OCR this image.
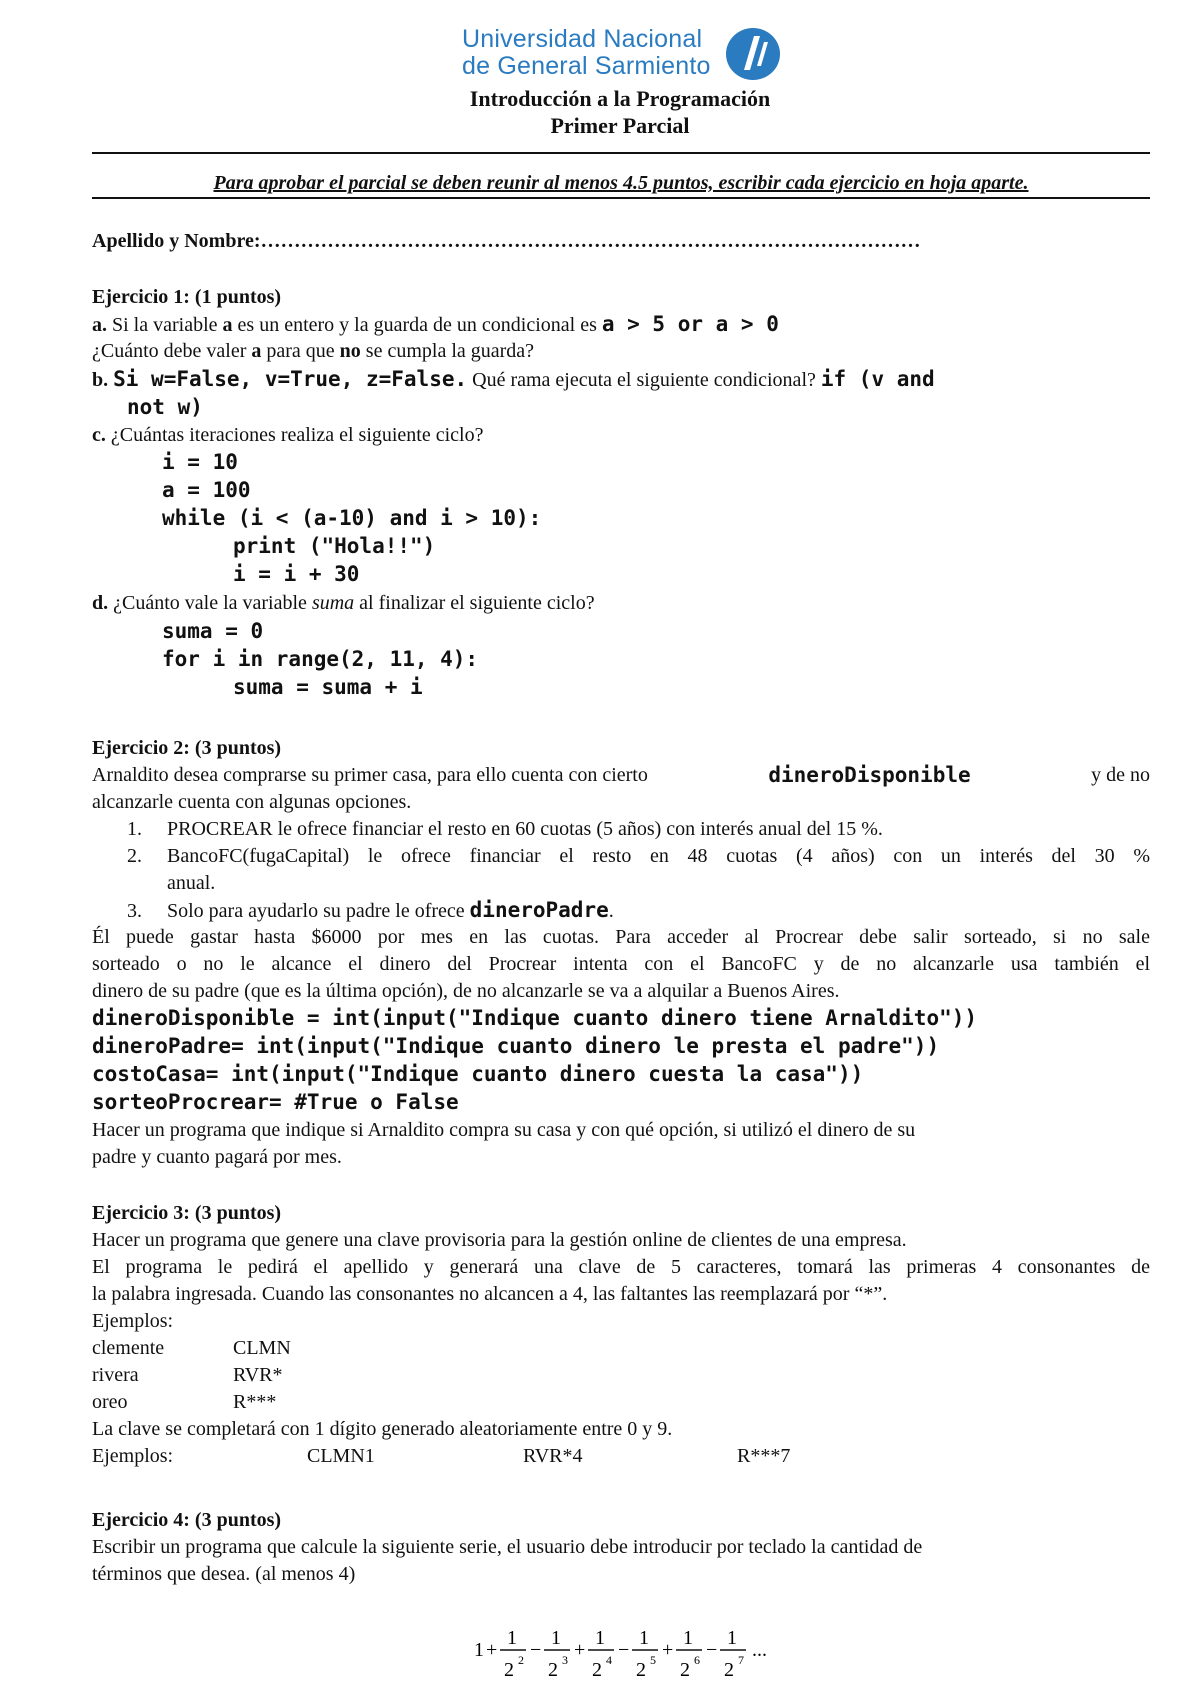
Universidad Nacional
de General Sarmiento
Introducción a la Programación
Primer Parcial
Para aprobar el parcial se deben reunir al menos 4.5 puntos, escribir cada ejercicio en hoja aparte.
Apellido y Nombre:………………………………………………………………………………………
Ejercicio 1: (1 puntos)
a. Si la variable a es un entero y la guarda de un condicional es a > 5 or a > 0
¿Cuánto debe valer a para que no se cumpla la guarda?
b. Si w=False, v=True, z=False. Qué rama ejecuta el siguiente condicional? if (v and
not w)
c. ¿Cuántas iteraciones realiza el siguiente ciclo?
i = 10
a = 100
while (i < (a-10) and i > 10):
print ("Hola!!")
i = i + 30
d. ¿Cuánto vale la variable suma al finalizar el siguiente ciclo?
suma = 0
for i in range(2, 11, 4):
suma = suma + i
Ejercicio 2: (3 puntos)
Arnaldito desea comprarse su primer casa, para ello cuenta con cierto	dineroDisponible	y de no
alcanzarle cuenta con algunas opciones.
1. PROCREAR le ofrece financiar el resto en 60 cuotas (5 años) con interés anual del 15 %.
2.	BancoFC(fugaCapital) le ofrece financiar el resto en 48 cuotas (4 años) con un interés del 30 %
anual.
3. Solo para ayudarlo su padre le ofrece dineroPadre.
Él puede gastar hasta $6000 por mes en las cuotas. Para acceder al Procrear debe salir sorteado, si no sale
sorteado o no le alcance el dinero del Procrear intenta con el BancoFC y de no alcanzarle usa también el
dinero de su padre (que es la última opción), de no alcanzarle se va a alquilar a Buenos Aires.
dineroDisponible = int(input("Indique cuanto dinero tiene Arnaldito"))
dineroPadre= int(input("Indique cuanto dinero le presta el padre"))
costoCasa= int(input("Indique cuanto dinero cuesta la casa"))
sorteoProcrear= #True o False
Hacer un programa que indique si Arnaldito compra su casa y con qué opción, si utilizó el dinero de su
padre y cuanto pagará por mes.
Ejercicio 3: (3 puntos)
Hacer un programa que genere una clave provisoria para la gestión online de clientes de una empresa.
El programa le pedirá el apellido y generará una clave de 5 caracteres, tomará las primeras 4 consonantes de
la palabra ingresada. Cuando las consonantes no alcancen a 4, las faltantes las reemplazará por “*”.
Ejemplos:
clemente	CLMN
rivera	RVR*
oreo	R***
La clave se completará con 1 dígito generado aleatoriamente entre 0 y 9.
Ejemplos:	CLMN1	RVR*4	R***7
Ejercicio 4: (3 puntos)
Escribir un programa que calcule la siguiente serie, el usuario debe introducir por teclado la cantidad de
términos que desea. (al menos 4)
1 +
1
2 2 −
1
2 3 +
1
2 4 −
1
2 5 +
1
2 6 −
1
2 7 ...
